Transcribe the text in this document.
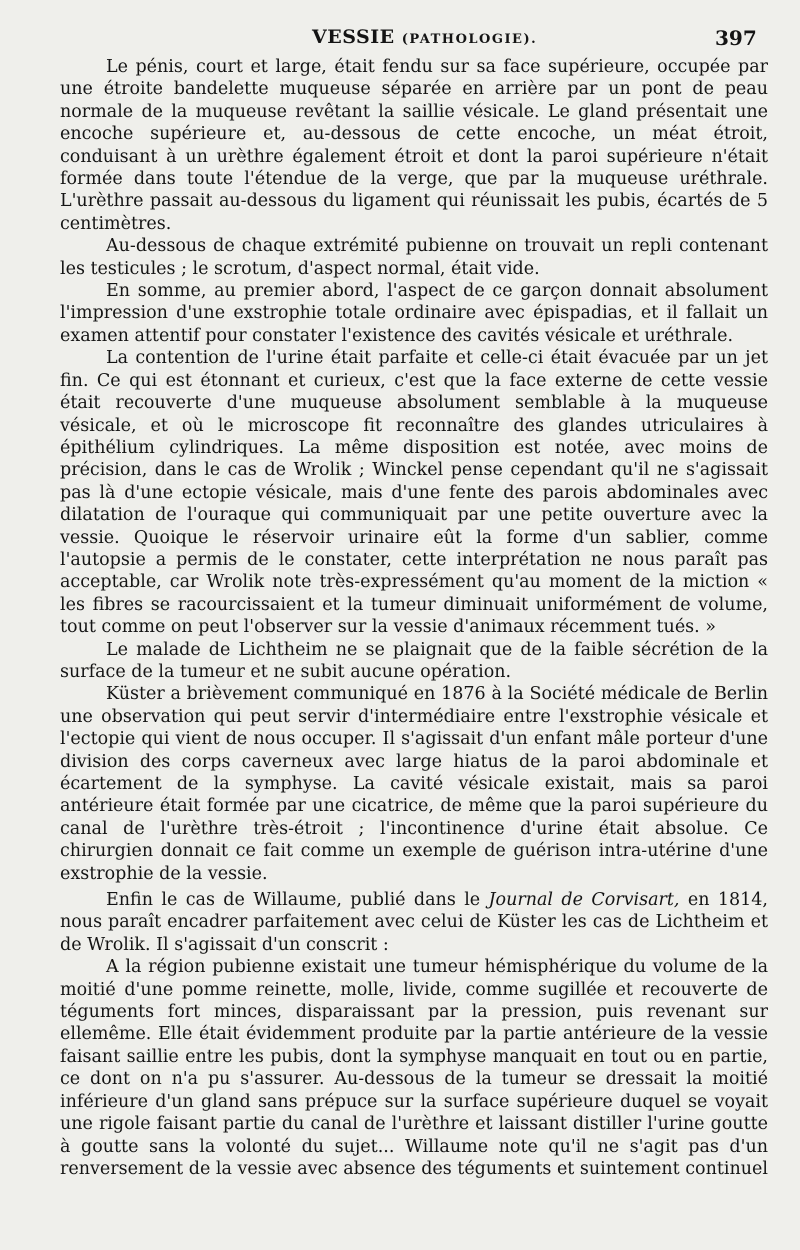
VESSIE (PATHOLOGIE).	397

Le pénis, court et large, était fendu sur sa face supérieure, occupée par une étroite bandelette muqueuse séparée en arrière par un pont de peau normale de la muqueuse revêtant la saillie vésicale. Le gland présentait une encoche supérieure et, au-dessous de cette encoche, un méat étroit, conduisant à un urèthre également étroit et dont la paroi supérieure n'était formée dans toute l'étendue de la verge, que par la muqueuse uréthrale. L'urèthre passait au-dessous du ligament qui réunissait les pubis, écartés de 5 centimètres.

Au-dessous de chaque extrémité pubienne on trouvait un repli contenant les testicules ; le scrotum, d'aspect normal, était vide.

En somme, au premier abord, l'aspect de ce garçon donnait absolument l'impression d'une exstrophie totale ordinaire avec épispadias, et il fallait un examen attentif pour constater l'existence des cavités vésicale et uréthrale.

La contention de l'urine était parfaite et celle-ci était évacuée par un jet fin. Ce qui est étonnant et curieux, c'est que la face externe de cette vessie était recouverte d'une muqueuse absolument semblable à la muqueuse vésicale, et où le microscope fit reconnaître des glandes utriculaires à épithélium cylindriques. La même disposition est notée, avec moins de précision, dans le cas de Wrolik ; Winckel pense cependant qu'il ne s'agissait pas là d'une ectopie vésicale, mais d'une fente des parois abdominales avec dilatation de l'ouraque qui communiquait par une petite ouverture avec la vessie. Quoique le réservoir urinaire eût la forme d'un sablier, comme l'autopsie a permis de le constater, cette interprétation ne nous paraît pas acceptable, car Wrolik note très-expressément qu'au moment de la miction « les fibres se racourcissaient et la tumeur diminuait uniformément de volume, tout comme on peut l'observer sur la vessie d'animaux récemment tués. »

Le malade de Lichtheim ne se plaignait que de la faible sécrétion de la surface de la tumeur et ne subit aucune opération.

Küster a brièvement communiqué en 1876 à la Société médicale de Berlin une observation qui peut servir d'intermédiaire entre l'exstrophie vésicale et l'ectopie qui vient de nous occuper. Il s'agissait d'un enfant mâle porteur d'une division des corps caverneux avec large hiatus de la paroi abdominale et écartement de la symphyse. La cavité vésicale existait, mais sa paroi antérieure était formée par une cicatrice, de même que la paroi supérieure du canal de l'urèthre très-étroit ; l'incontinence d'urine était absolue. Ce chirurgien donnait ce fait comme un exemple de guérison intra-utérine d'une exstrophie de la vessie.

Enfin le cas de Willaume, publié dans le Journal de Corvisart, en 1814, nous paraît encadrer parfaitement avec celui de Küster les cas de Lichtheim et de Wrolik. Il s'agissait d'un conscrit :

A la région pubienne existait une tumeur hémisphérique du volume de la moitié d'une pomme reinette, molle, livide, comme sugillée et recouverte de téguments fort minces, disparaissant par la pression, puis revenant sur ellemême. Elle était évidemment produite par la partie antérieure de la vessie faisant saillie entre les pubis, dont la symphyse manquait en tout ou en partie, ce dont on n'a pu s'assurer. Au-dessous de la tumeur se dressait la moitié inférieure d'un gland sans prépuce sur la surface supérieure duquel se voyait une rigole faisant partie du canal de l'urèthre et laissant distiller l'urine goutte à goutte sans la volonté du sujet... Willaume note qu'il ne s'agit pas d'un renversement de la vessie avec absence des téguments et suintement continuel
